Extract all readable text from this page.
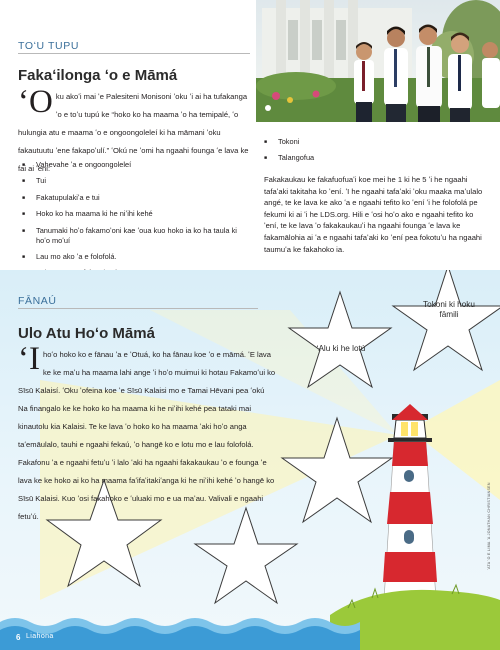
TOʻU TUPU
Fakaʻilonga ʻo e Māmá
ʻO ku akoʻi mai ʻe Palesiteni Monisoni ʻoku ʻi ai ha tufakanga ʻo e toʻu tupú ke “hoko ko ha maama ʻo ha temipalé, ʻo hulungia atu e maama ʻo e ongoongoleleí ki ha māmani ʻoku fakautuutu ʻene fakapoʻulí.” ʻOkú ne ʻomi ha ngaahi founga ʻe lava ke fai ai ʻeni:
■ Vahevahe ʻa e ongoongoleleí
■ Tui
■ Fakatupulakiʻa e tui
■ Hoko ko ha maama ki he niʻihi kehé
■ Tanumaki hoʻo fakamoʻoni kae ʻoua kuo hoko ia ko ha taula ki hoʻo moʻuí
■ Lau mo ako ʻa e folofolá.
■
■ Tokoni
■ Talangofua
Fakakaukau ke fakafuofuaʻi koe mei he 1 ki he 5 ʻi he ngaahi tafaʻaki takitaha ko ʻení. ʻI he ngaahi tafaʻaki ʻoku maaka maʻulalo angé, te ke lava ke ako ʻa e ngaahi tefito ko ʻení ʻi he folofolá pe fekumi ki ai ʻi he LDS.org. Hili e ʻosi hoʻo ako e ngaahi tefito ko ʻení, te ke lava ʻo fakakaukauʻi ha ngaahi founga ʻe lava ke fakamālohia ai ʻa e ngaahi tafaʻaki ko ʻení pea fokotuʻu ha ngaahi taumuʻa ke fakahoko ia.
FĀNAÚ
Ulo Atu Hoʻo Māmá
ʻI hoʻo hoko ko e fānau ʻa e ʻOtuá, ko ha fānau koe ʻo e māmá. ʻE lava ke ke maʻu ha maama lahi ange ʻi hoʻo muimui ki hotau Fakamoʻui ko Sīsū Kalaisí. ʻOku ʻofeina koe ʻe Sīsū Kalaisi mo e Tamai Hēvani pea ʻokú Na finangalo ke ke hoko ko ha maama ki he niʻihi kehé pea tataki mai kinautolu kia Kalaisi. Te ke lava ʻo hoko ko ha maama ʻaki hoʻo anga taʻemāulalo, tauhi e ngaahi fekaú, ʻo hangē ko e lotu mo e lau folofolá. Fakafonu ʻa e ngaahi fetuʻu ʻi lalo ʻaki ha ngaahi fakakaukau ʻo e founga ʻe lava ke ke hoko ai ko ha maama faʻifaʻitakiʻanga ki he niʻihi kehé ʻo hangē ko Sīsū Kalaisi. Kuo ʻosi fakahoko e ʻuluaki mo e ua maʻau. Valivali e ngaahi fetuʻú.
ʻAlu ki he lotú
Tokoni ki hoku fāmili
6 Liahona
ʻATA ʻO E LIMA ʻA JONATHAN CHRISTIANSEN
